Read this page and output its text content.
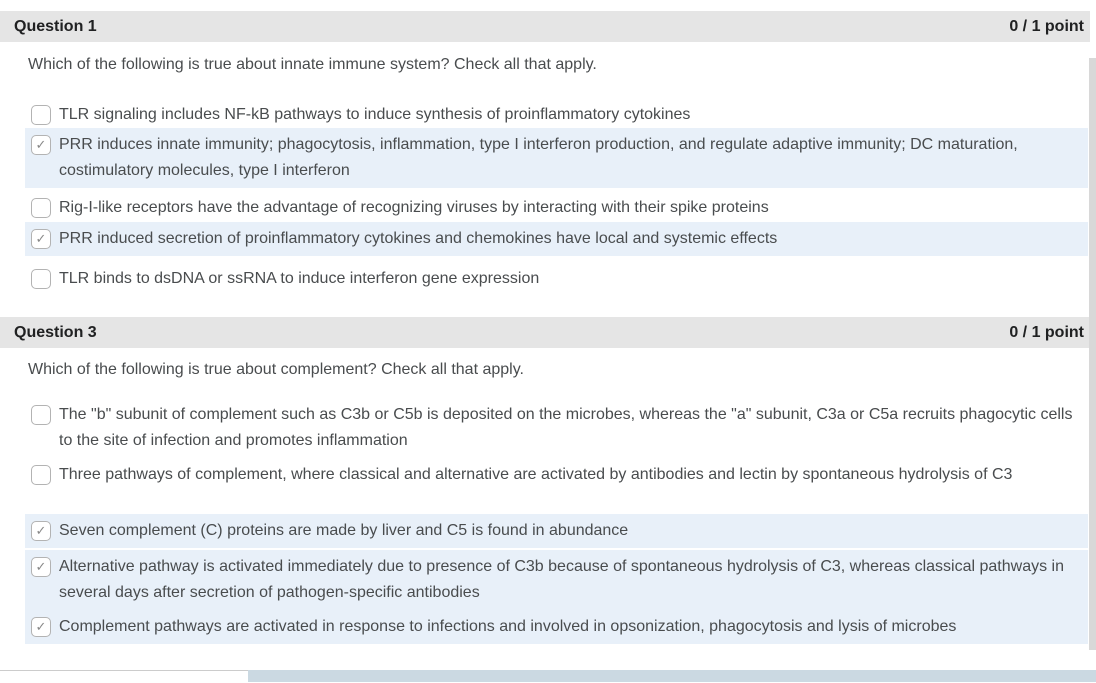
Question 1	0 / 1 point
Which of the following is true about innate immune system? Check all that apply.
TLR signaling includes NF-kB pathways to induce synthesis of proinflammatory cytokines
✓ PRR induces innate immunity; phagocytosis, inflammation, type I interferon production, and regulate adaptive immunity; DC maturation, costimulatory molecules, type I interferon
Rig-I-like receptors have the advantage of recognizing viruses by interacting with their spike proteins
✓ PRR induced secretion of proinflammatory cytokines and chemokines have local and systemic effects
TLR binds to dsDNA or ssRNA to induce interferon gene expression
Question 3	0 / 1 point
Which of the following is true about complement? Check all that apply.
The "b" subunit of complement such as C3b or C5b is deposited on the microbes, whereas the "a" subunit, C3a or C5a recruits phagocytic cells to the site of infection and promotes inflammation
Three pathways of complement, where classical and alternative are activated by antibodies and lectin by spontaneous hydrolysis of C3
✓ Seven complement (C) proteins are made by liver and C5 is found in abundance
✓ Alternative pathway is activated immediately due to presence of C3b because of spontaneous hydrolysis of C3, whereas classical pathways in several days after secretion of pathogen-specific antibodies
✓ Complement pathways are activated in response to infections and involved in opsonization, phagocytosis and lysis of microbes
